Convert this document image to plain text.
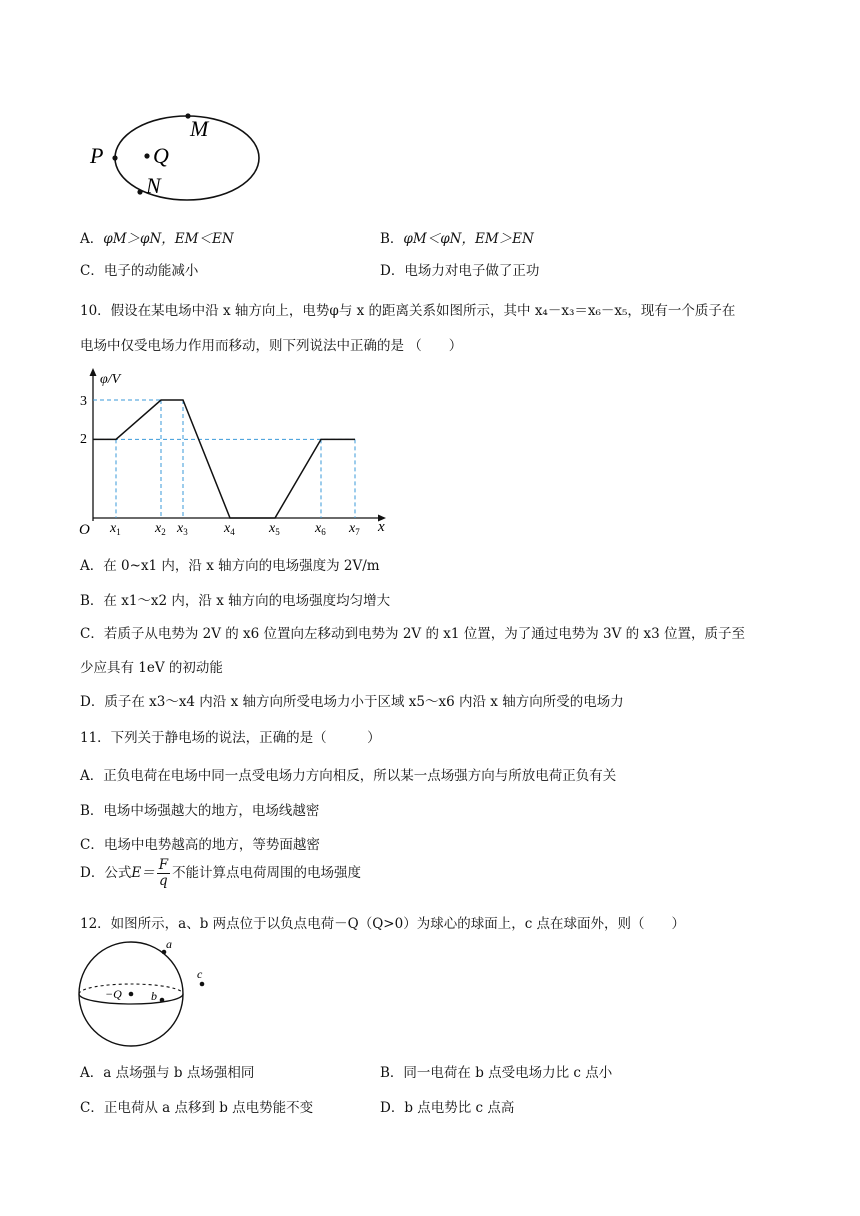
M
P Q
N
A．φM＞φN，EM＜EN	B．φM＜φN，EM＞EN
C．电子的动能减小	D．电场力对电子做了正功
10．假设在某电场中沿 x 轴方向上，电势φ与 x 的距离关系如图所示，其中 x₄－x₃＝x₆－x₅，现有一个质子在
电场中仅受电场力作用而移动，则下列说法中正确的是 （　　）
φ/V
O	x
3
2
$x_1$ $x_2$ $x_3$	$x_4$ $x_5$	$x_6$ $x_7$
A．在 0~x1 内，沿 x 轴方向的电场强度为 2V/m
B．在 x1～x2 内，沿 x 轴方向的电场强度均匀增大
C．若质子从电势为 2V 的 x6 位置向左移动到电势为 2V 的 x1 位置，为了通过电势为 3V 的 x3 位置，质子至
少应具有 1eV 的初动能
D．质子在 x3～x4 内沿 x 轴方向所受电场力小于区域 x5～x6 内沿 x 轴方向所受的电场力
11．下列关于静电场的说法，正确的是（　　　）
A．正负电荷在电场中同一点受电场力方向相反，所以某一点场强方向与所放电荷正负有关
B．电场中场强越大的地方，电场线越密
C．电场中电势越高的地方，等势面越密
D．公式$E= \frac{F}{q}$ 不能计算点电荷周围的电场强度
12．如图所示，a、b 两点位于以负点电荷－Q（Q>0）为球心的球面上，c 点在球面外，则（　　）
a
−Q b
c
A．a 点场强与 b 点场强相同	B．同一电荷在 b 点受电场力比 c 点小
C．正电荷从 a 点移到 b 点电势能不变	D．b 点电势比 c 点高
